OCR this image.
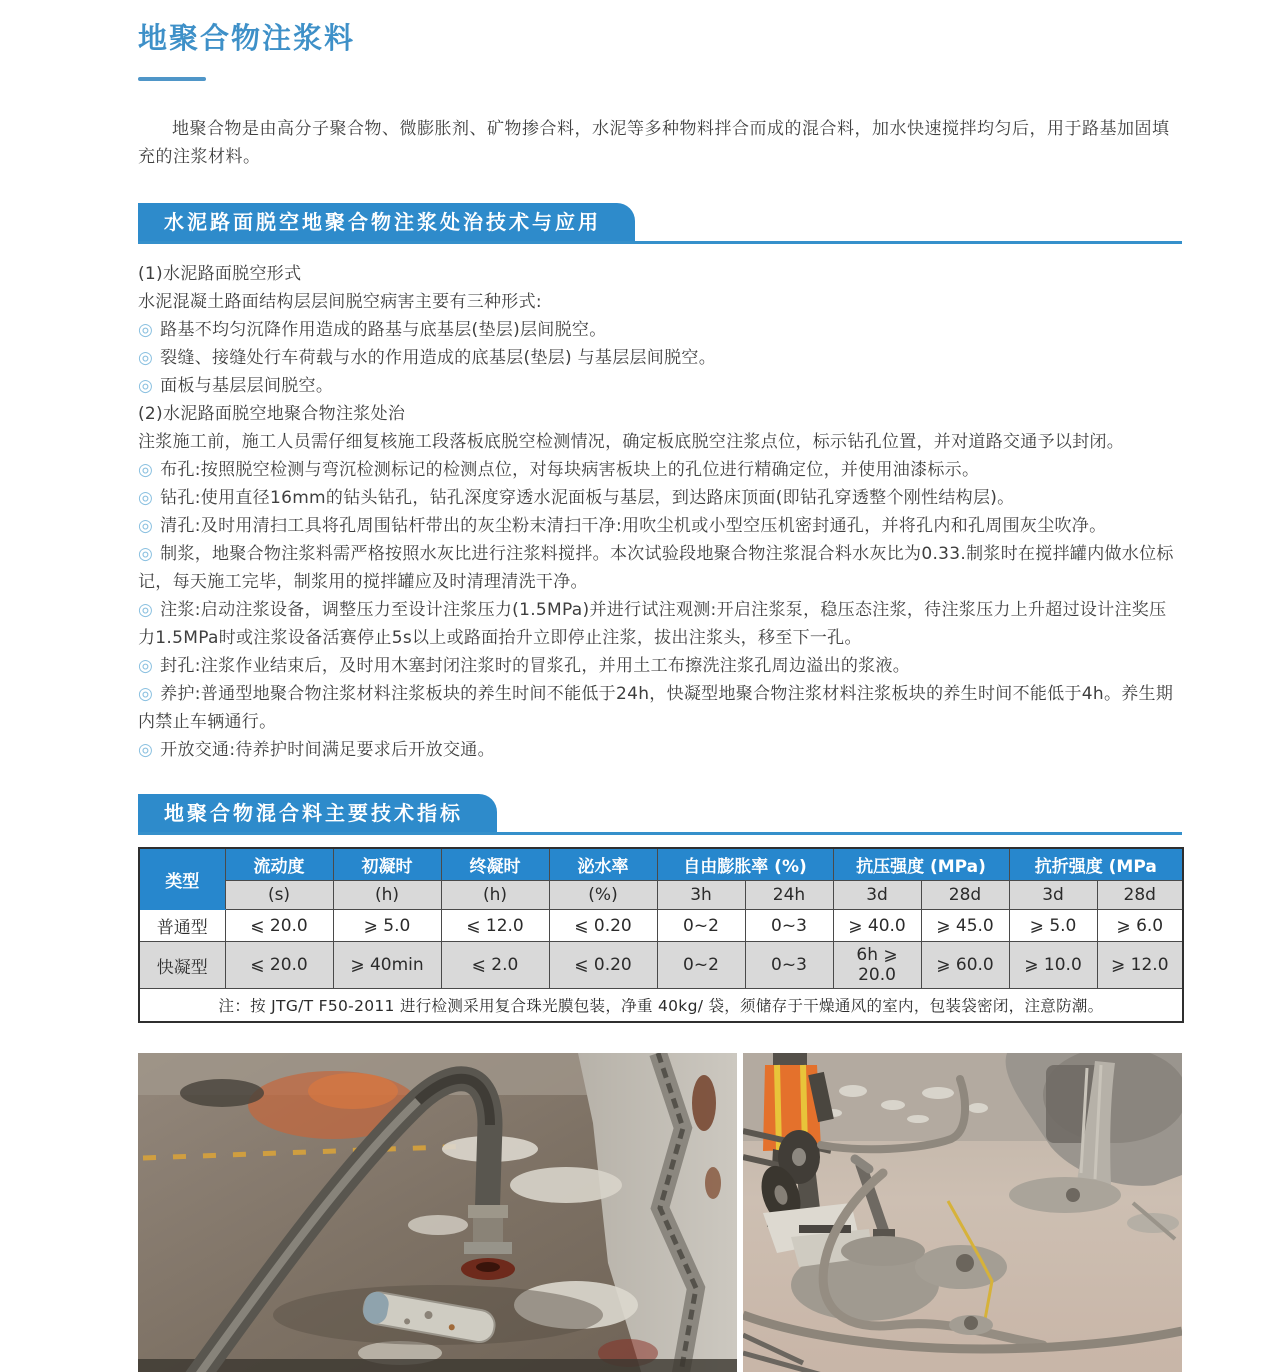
地聚合物注浆料
地聚合物是由高分子聚合物、微膨胀剂、矿物掺合料，水泥等多种物料拌合而成的混合料，加水快速搅拌均匀后，用于路基加固填充的注浆材料。
水泥路面脱空地聚合物注浆处治技术与应用
(1)水泥路面脱空形式
水泥混凝土路面结构层层间脱空病害主要有三种形式:
◎ 路基不均匀沉降作用造成的路基与底基层(垫层)层间脱空。
◎ 裂缝、接缝处行车荷载与水的作用造成的底基层(垫层) 与基层层间脱空。
◎ 面板与基层层间脱空。
(2)水泥路面脱空地聚合物注浆处治
注浆施工前，施工人员需仔细复核施工段落板底脱空检测情况，确定板底脱空注浆点位，标示钻孔位置，并对道路交通予以封闭。
◎ 布孔:按照脱空检测与弯沉检测标记的检测点位，对每块病害板块上的孔位进行精确定位，并使用油漆标示。
◎ 钻孔:使用直径16mm的钻头钻孔，钻孔深度穿透水泥面板与基层，到达路床顶面(即钻孔穿透整个刚性结构层)。
◎ 清孔:及时用清扫工具将孔周围钻杆带出的灰尘粉末清扫干净:用吹尘机或小型空压机密封通孔，并将孔内和孔周围灰尘吹净。
◎ 制浆，地聚合物注浆料需严格按照水灰比进行注浆料搅拌。本次试验段地聚合物注浆混合料水灰比为0.33.制浆时在搅拌罐内做水位标记，每天施工完毕，制浆用的搅拌罐应及时清理清洗干净。
◎ 注浆:启动注浆设备，调整压力至设计注浆压力(1.5MPa)并进行试注观测:开启注浆泵，稳压态注浆，待注浆压力上升超过设计注奖压力1.5MPa时或注浆设备活赛停止5s以上或路面抬升立即停止注浆，拔出注浆头，移至下一孔。
◎ 封孔:注浆作业结束后，及时用木塞封闭注浆时的冒浆孔，并用土工布擦洗注浆孔周边溢出的浆液。
◎ 养护:普通型地聚合物注浆材料注浆板块的养生时间不能低于24h，快凝型地聚合物注浆材料注浆板块的养生时间不能低于4h。养生期内禁止车辆通行。
◎ 开放交通:待养护时间满足要求后开放交通。
地聚合物混合料主要技术指标
类型	流动度	初凝时	终凝时	泌水率	自由膨胀率 (%)		抗压强度 (MPa)		抗折强度 (MPa	
	(s)	(h)	(h)	(%)	3h	24h	3d	28d	3d	28d
普通型	⩽ 20.0	⩾ 5.0	⩽ 12.0	⩽ 0.20	0~2	0~3	⩾ 40.0	⩾ 45.0	⩾ 5.0	⩾ 6.0
快凝型	⩽ 20.0	⩾ 40min	⩽ 2.0	⩽ 0.20	0~2	0~3	6h ⩾ 20.0	⩾ 60.0	⩾ 10.0	⩾ 12.0
注：按 JTG/T F50-2011 进行检测采用复合珠光膜包装，净重 40kg/ 袋，须储存于干燥通风的室内，包装袋密闭，注意防潮。										
